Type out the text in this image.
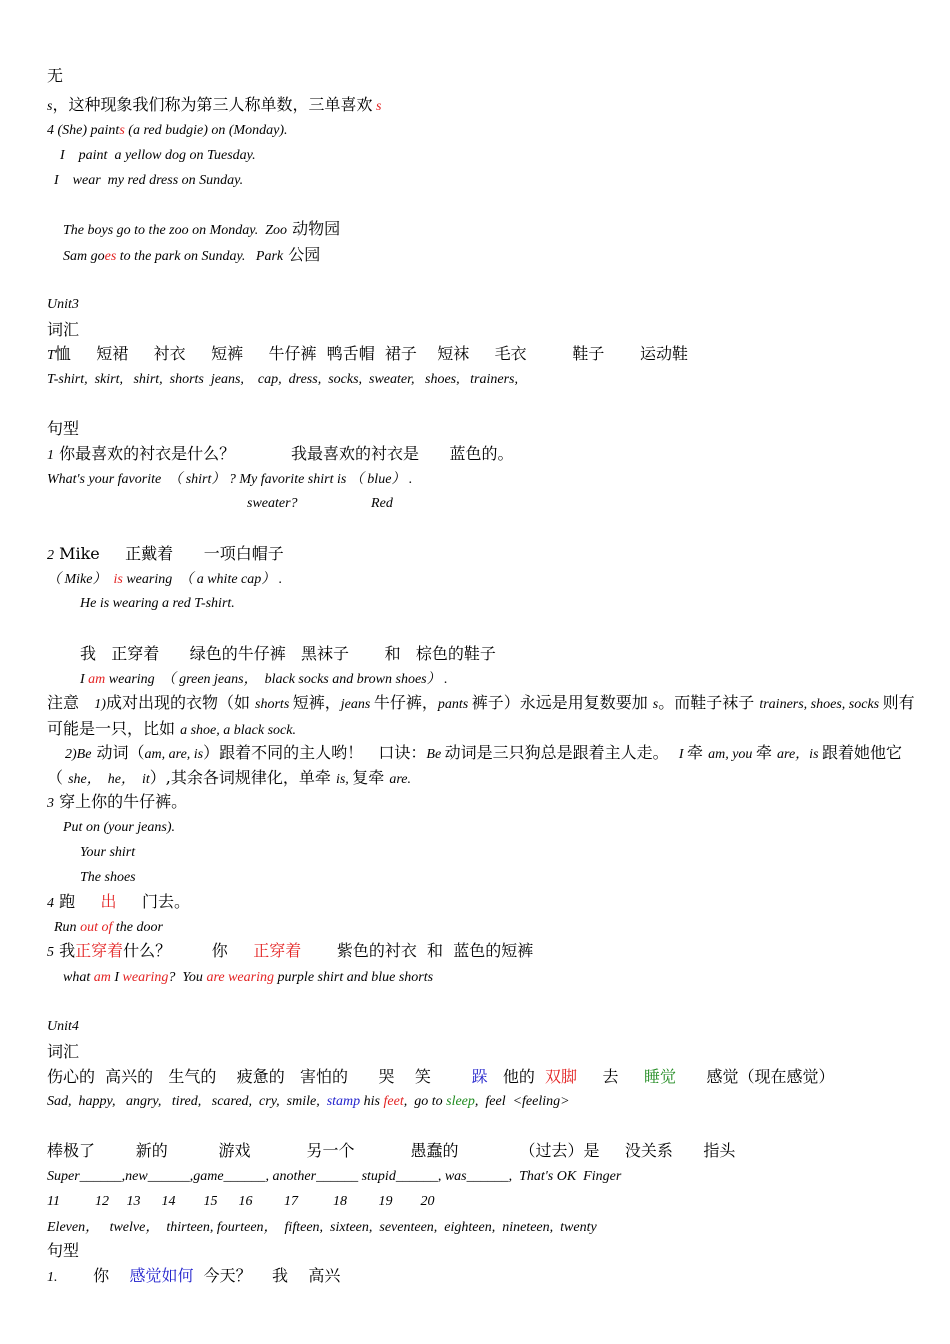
无
s，这种现象我们称为第三人称单数，三单喜欢 s
4 (She) paints (a red budgie) on (Monday).
I    paint  a yellow dog on Tuesday.
I    wear  my red dress on Sunday.
The boys go to the zoo on Monday.  Zoo 动物园
Sam goes to the park on Sunday.   Park 公园
Unit3
词汇
T恤     短裙     衬衣     短裤     牛仔裤  鸭舌帽  裙子    短袜     毛衣         鞋子       运动鞋
T-shirt,  skirt,   shirt,  shorts  jeans,    cap,  dress,  socks,  sweater,   shoes,   trainers,
句型
1 你最喜欢的衬衣是什么？           我最喜欢的衬衣是      蓝色的。
What's your favorite  （ shirt） ? My favorite shirt is （ blue） .
sweater?                     Red
2 Mike     正戴着      一项白帽子
（ Mike）  is wearing  （ a white cap） .
He is wearing a red T-shirt.
我   正穿着      绿色的牛仔裤   黑袜子       和   棕色的鞋子
I am wearing  （ green jeans，  black socks and brown shoes） .
注意   1)成对出现的衣物（如 shorts 短裤，jeans 牛仔裤，pants 裤子）永远是用复数要加 s。而鞋子袜子 trainers, shoes, socks 则有
可能是一只，比如 a shoe, a black sock.
2)Be 动词（am, are, is）跟着不同的主人哟！   口诀：Be 动词是三只狗总是跟着主人走。  I 牵 am, you 牵 are，is 跟着她他它
（ she，  he，  it）,其余各词规律化，单牵 is, 复牵 are.
3 穿上你的牛仔裤。
Put on (your jeans).
Your shirt
The shoes
4 跑     出     门去。
Run out of the door
5 我正穿着什么？        你     正穿着       紫色的衬衣  和  蓝色的短裤
what am I wearing?  You are wearing purple shirt and blue shorts
Unit4
词汇
伤心的  高兴的   生气的    疲惫的   害怕的      哭    笑        跺   他的  双脚     去     睡觉      感觉（现在感觉）
Sad,  happy,   angry,   tired,   scared,  cry,  smile,  stamp his feet,  go to sleep,  feel  <feeling>
棒极了        新的          游戏           另一个           愚蠢的            （过去）是     没关系      指头
Super______,new______,game______, another______ stupid______, was______,  That's OK  Finger
11          12     13      14        15      16         17          18         19        20
Eleven，   twelve，  thirteen, fourteen，  fifteen,  sixteen,  seventeen,  eighteen,  nineteen,  twenty
句型
1.       你    感觉如何  今天？    我    高兴
